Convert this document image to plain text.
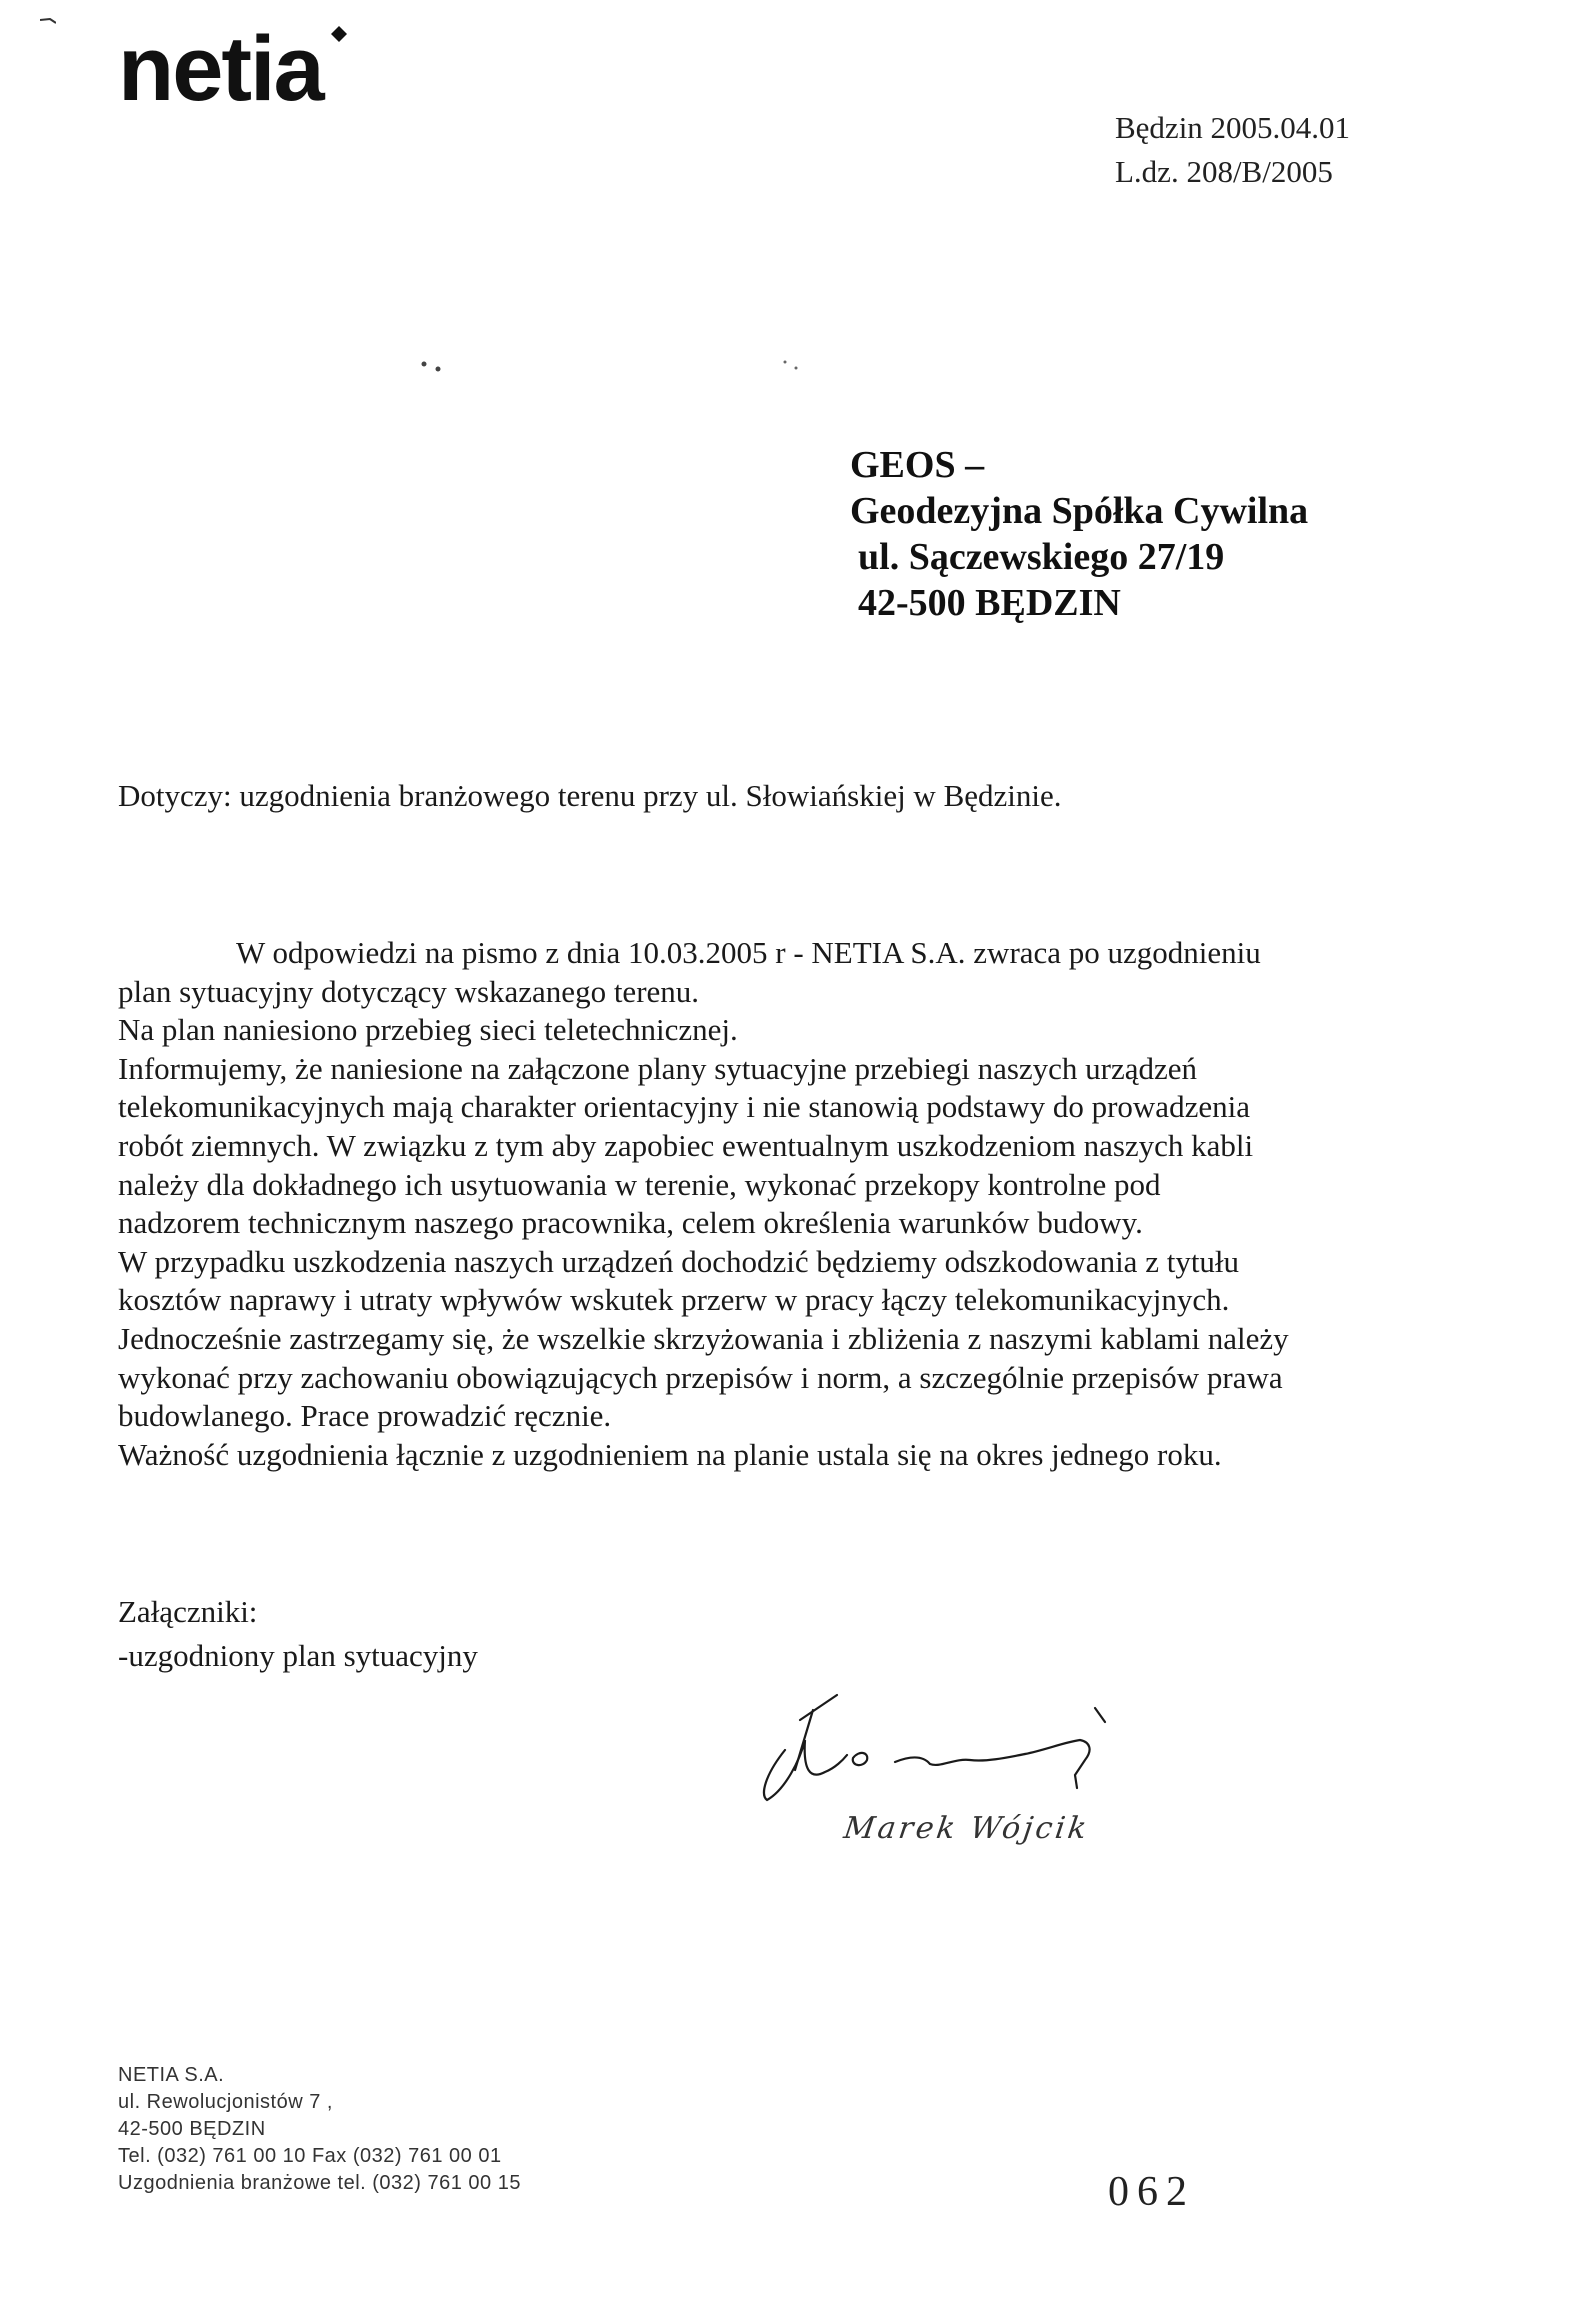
netia
Będzin 2005.04.01
L.dz. 208/B/2005
GEOS –
Geodezyjna Spółka Cywilna
ul. Sączewskiego 27/19
42-500 BĘDZIN
Dotyczy: uzgodnienia branżowego terenu przy ul. Słowiańskiej w Będzinie.

W odpowiedzi na pismo z dnia 10.03.2005 r - NETIA S.A. zwraca po uzgodnieniu

plan sytuacyjny dotyczący wskazanego terenu.

Na plan naniesiono przebieg sieci teletechnicznej.

Informujemy, że naniesione na załączone plany sytuacyjne przebiegi naszych urządzeń

telekomunikacyjnych mają charakter orientacyjny i nie stanowią podstawy do prowadzenia

robót ziemnych. W związku z tym aby zapobiec ewentualnym uszkodzeniom naszych kabli

należy dla dokładnego ich usytuowania w terenie, wykonać przekopy kontrolne pod

nadzorem technicznym naszego pracownika, celem określenia warunków budowy.

W przypadku uszkodzenia naszych urządzeń dochodzić będziemy odszkodowania z tytułu

kosztów naprawy i utraty wpływów wskutek przerw w pracy łączy telekomunikacyjnych.

Jednocześnie zastrzegamy się, że wszelkie skrzyżowania i zbliżenia z naszymi kablami należy

wykonać przy zachowaniu obowiązujących przepisów i norm, a szczególnie przepisów prawa

budowlanego. Prace prowadzić ręcznie.

Ważność uzgodnienia łącznie z uzgodnieniem na planie ustala się na okres jednego roku.

Załączniki:
-uzgodniony plan sytuacyjny
Marek Wójcik
NETIA S.A.
ul. Rewolucjonistów 7 ,
42-500 BĘDZIN
Tel. (032) 761 00 10 Fax (032) 761 00 01
Uzgodnienia branżowe tel. (032) 761 00 15	062
